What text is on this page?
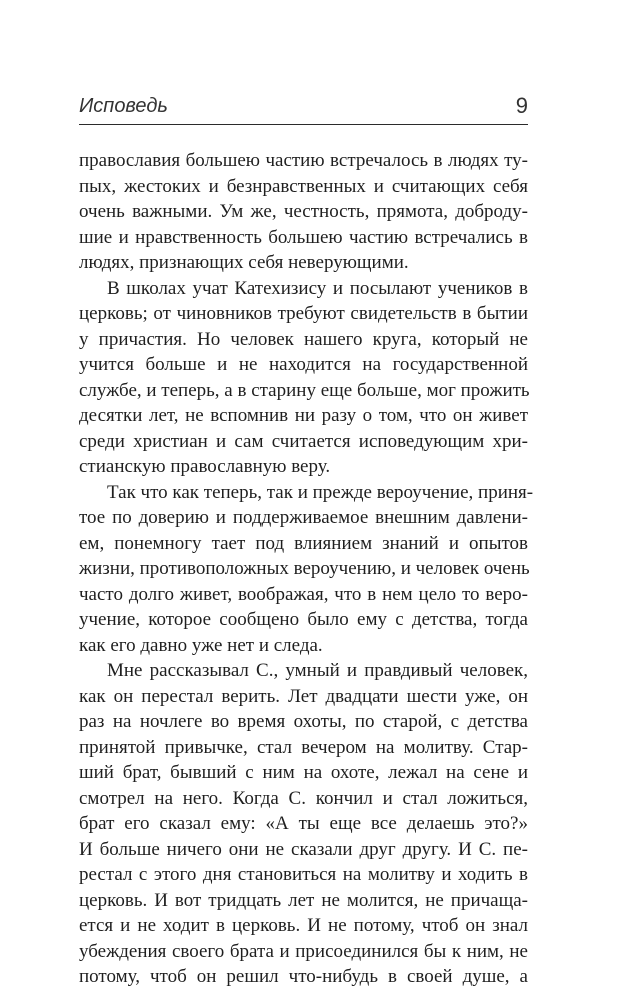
Исповедь	9
православия большею частию встречалось в людях ту-
пых, жестоких и безнравственных и считающих себя
очень важными. Ум же, честность, прямота, доброду-
шие и нравственность большею частию встречались в
людях, признающих себя неверующими.
В школах учат Катехизису и посылают учеников в
церковь; от чиновников требуют свидетельств в бытии
у причастия. Но человек нашего круга, который не
учится больше и не находится на государственной
службе, и теперь, а в старину еще больше, мог прожить
десятки лет, не вспомнив ни разу о том, что он живет
среди христиан и сам считается исповедующим хри-
стианскую православную веру.
Так что как теперь, так и прежде вероучение, приня-
тое по доверию и поддерживаемое внешним давлени-
ем, понемногу тает под влиянием знаний и опытов
жизни, противоположных вероучению, и человек очень
часто долго живет, воображая, что в нем цело то веро-
учение, которое сообщено было ему с детства, тогда
как его давно уже нет и следа.
Мне рассказывал С., умный и правдивый человек,
как он перестал верить. Лет двадцати шести уже, он
раз на ночлеге во время охоты, по старой, с детства
принятой привычке, стал вечером на молитву. Стар-
ший брат, бывший с ним на охоте, лежал на сене и
смотрел на него. Когда С. кончил и стал ложиться,
брат его сказал ему: «А ты еще все делаешь это?»
И больше ничего они не сказали друг другу. И С. пе-
рестал с этого дня становиться на молитву и ходить в
церковь. И вот тридцать лет не молится, не причаща-
ется и не ходит в церковь. И не потому, чтоб он знал
убеждения своего брата и присоединился бы к ним, не
потому, чтоб он решил что-нибудь в своей душе, а
